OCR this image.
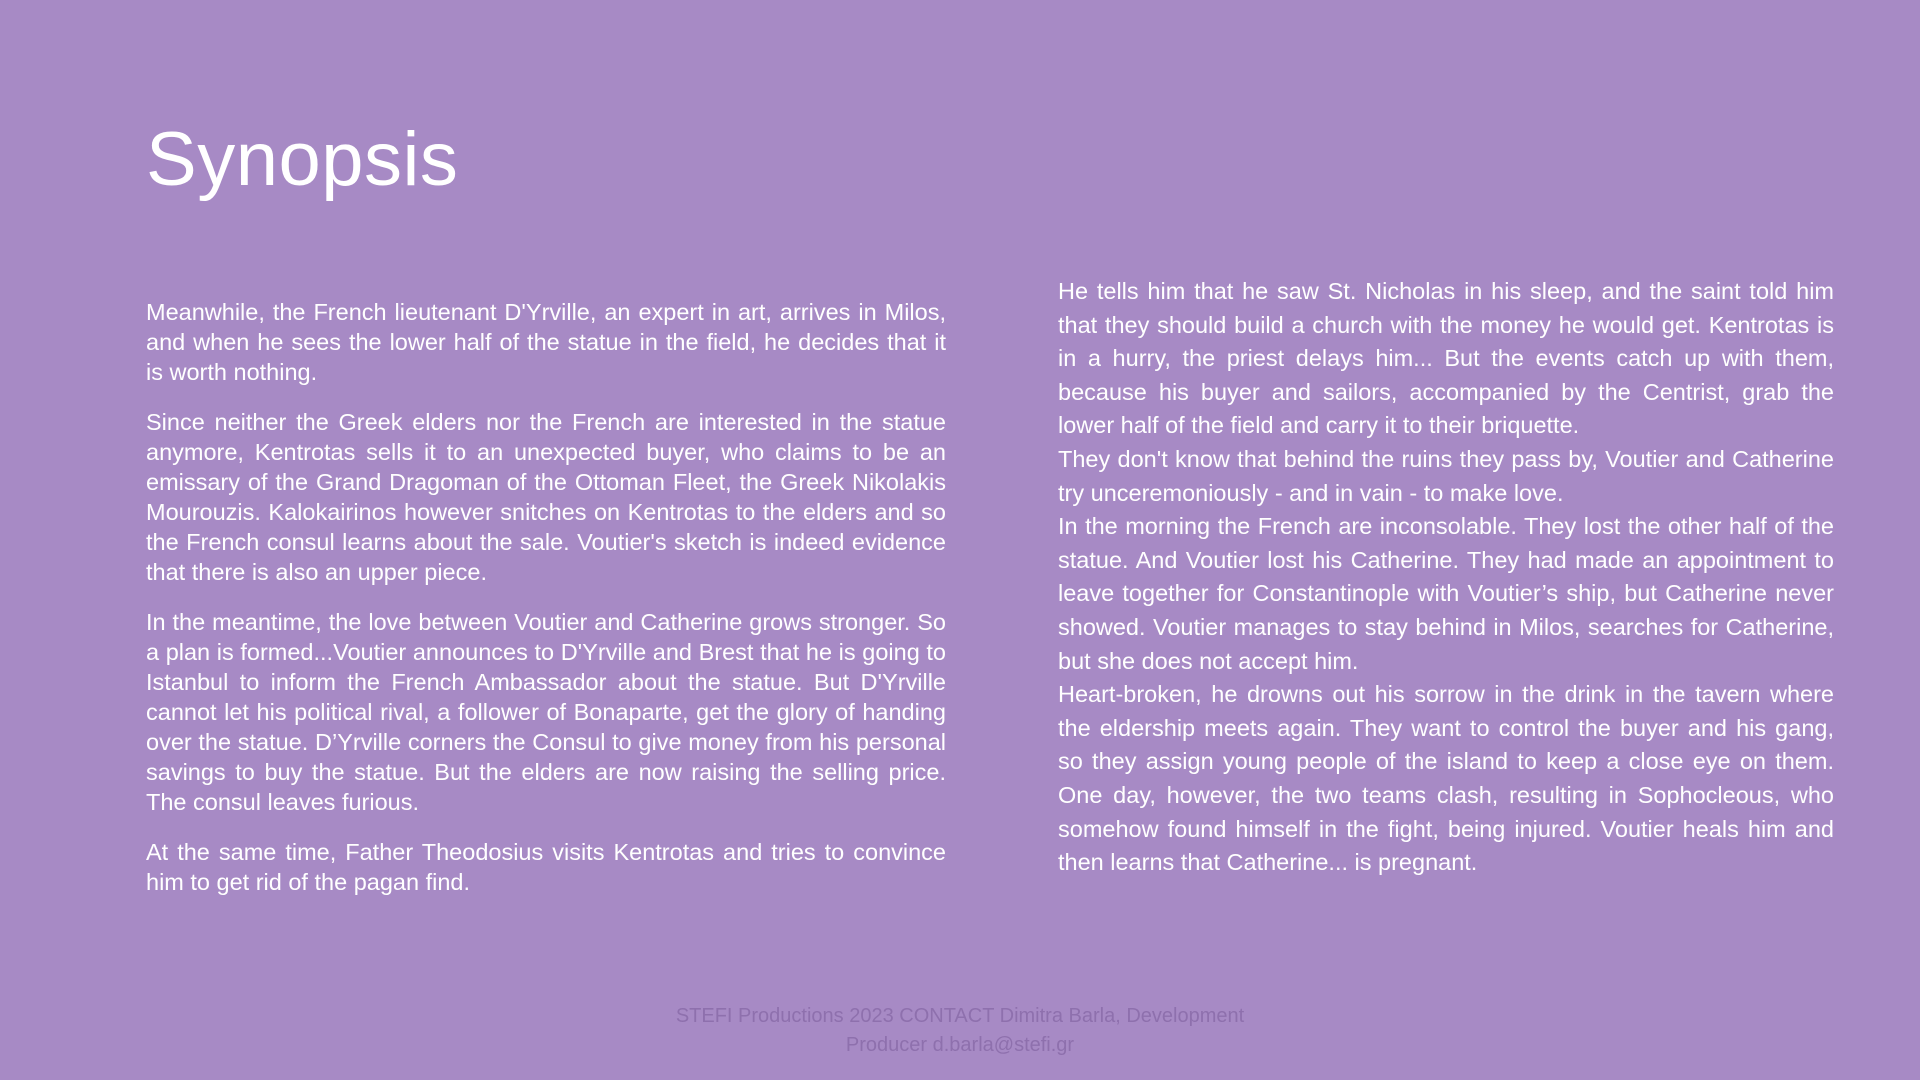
Synopsis

Meanwhile, the French lieutenant D'Yrville, an expert in art, arrives in Milos, and when he sees the lower half of the statue in the field, he decides that it is worth nothing.

Since neither the Greek elders nor the French are interested in the statue anymore, Kentrotas sells it to an unexpected buyer, who claims to be an emissary of the Grand Dragoman of the Ottoman Fleet, the Greek Nikolakis Mourouzis. Kalokairinos however snitches on Kentrotas to the elders and so the French consul learns about the sale. Voutier's sketch is indeed evidence that there is also an upper piece.

In the meantime, the love between Voutier and Catherine grows stronger. So a plan is formed...Voutier announces to D'Yrville and Brest that he is going to Istanbul to inform the French Ambassador about the statue. But D'Yrville cannot let his political rival, a follower of Bonaparte, get the glory of handing over the statue. D’Yrville corners the Consul to give money from his personal savings to buy the statue. But the elders are now raising the selling price. The consul leaves furious.

At the same time, Father Theodosius visits Kentrotas and tries to convince him to get rid of the pagan find.

He tells him that he saw St. Nicholas in his sleep, and the saint told him that they should build a church with the money he would get. Kentrotas is in a hurry, the priest delays him... But the events catch up with them, because his buyer and sailors, accompanied by the Centrist, grab the lower half of the field and carry it to their briquette.

They don't know that behind the ruins they pass by, Voutier and Catherine try unceremoniously - and in vain - to make love.

In the morning the French are inconsolable. They lost the other half of the statue. And Voutier lost his Catherine. They had made an appointment to leave together for Constantinople with Voutier’s ship, but Catherine never showed. Voutier manages to stay behind in Milos, searches for Catherine, but she does not accept him.

Heart-broken, he drowns out his sorrow in the drink in the tavern where the eldership meets again. They want to control the buyer and his gang, so they assign young people of the island to keep a close eye on them. One day, however, the two teams clash, resulting in Sophocleous, who somehow found himself in the fight, being injured. Voutier heals him and then learns that Catherine... is pregnant.

STEFI Productions 2023 CONTACT Dimitra Barla, Development
Producer d.barla@stefi.gr
